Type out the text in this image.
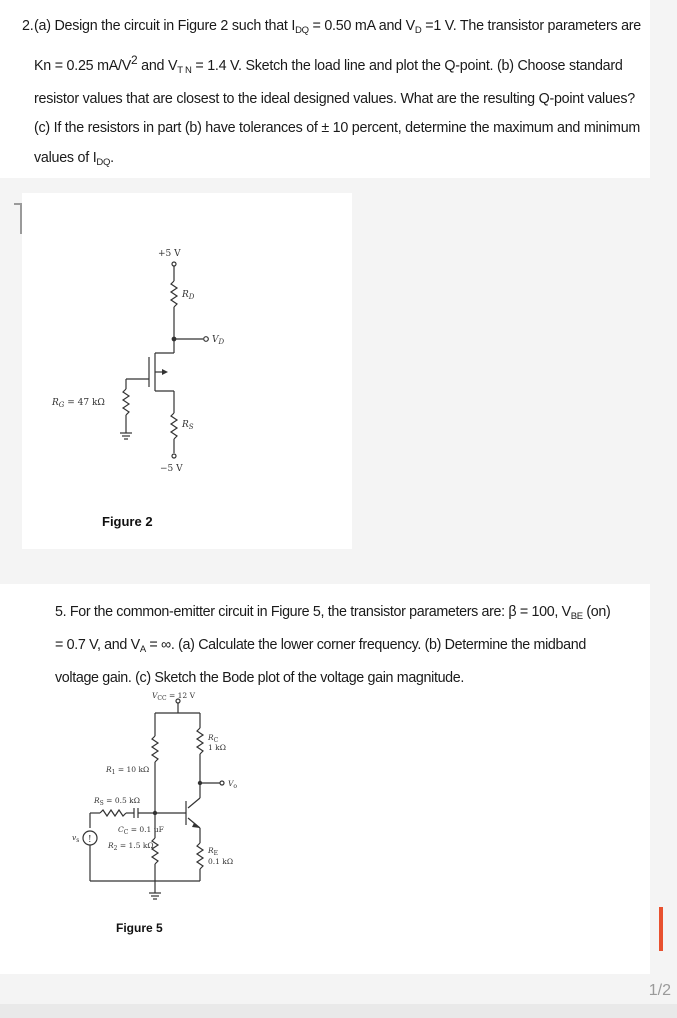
2. (a) Design the circuit in Figure 2 such that $I_{DQ} = 0.50$ mA and $V_D =1$ V. The transistor parameters are Kn = 0.25 $mA/V^2$ and $V_{T N} = 1.4$ V. Sketch the load line and plot the Q-point. (b) Choose standard resistor values that are closest to the ideal designed values. What are the resulting Q-point values? (c) If the resistors in part (b) have tolerances of ± 10 percent, determine the maximum and minimum values of $I_{DQ}$.
+5 V
$R_D$
$V_D$
$R_G = 47$ kΩ
$R_S$
−5 V
Figure 2
5. For the common-emitter circuit in Figure 5, the transistor parameters are: β = 100, $V_{BE}$ (on) = 0.7 V, and $V_A$ = ∞. (a) Calculate the lower corner frequency. (b) Determine the midband voltage gain. (c) Sketch the Bode plot of the voltage gain magnitude.
!
$V_{CC} = 12$ V
$R_C$ 1 kΩ
$V_o$
$R_1 = 10$ kΩ
$R_S = 0.5$ kΩ
$C_C = 0.1$ μF
$R_2 = 1.5$ kΩ
$R_E$ 0.1 kΩ
$v_s$
Figure 5
1/2
